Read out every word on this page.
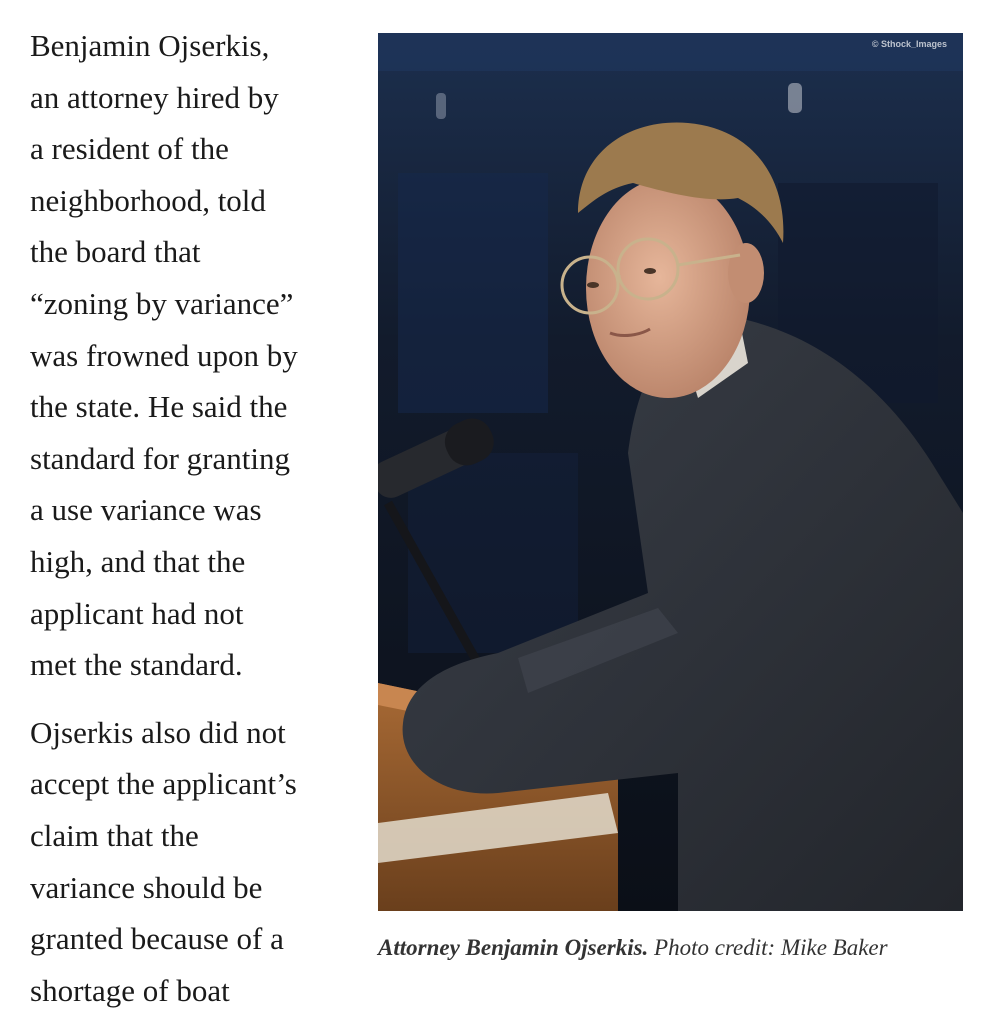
Benjamin Ojserkis,
an attorney hired by
a resident of the
neighborhood, told
the board that
“zoning by variance”
was frowned upon by
the state. He said the
standard for granting
a use variance was
high, and that the
applicant had not
met the standard.

Ojserkis also did not
accept the applicant’s
claim that the
variance should be
granted because of a
shortage of boat

© Sthock_Images

Attorney Benjamin Ojserkis. Photo credit: Mike Baker
